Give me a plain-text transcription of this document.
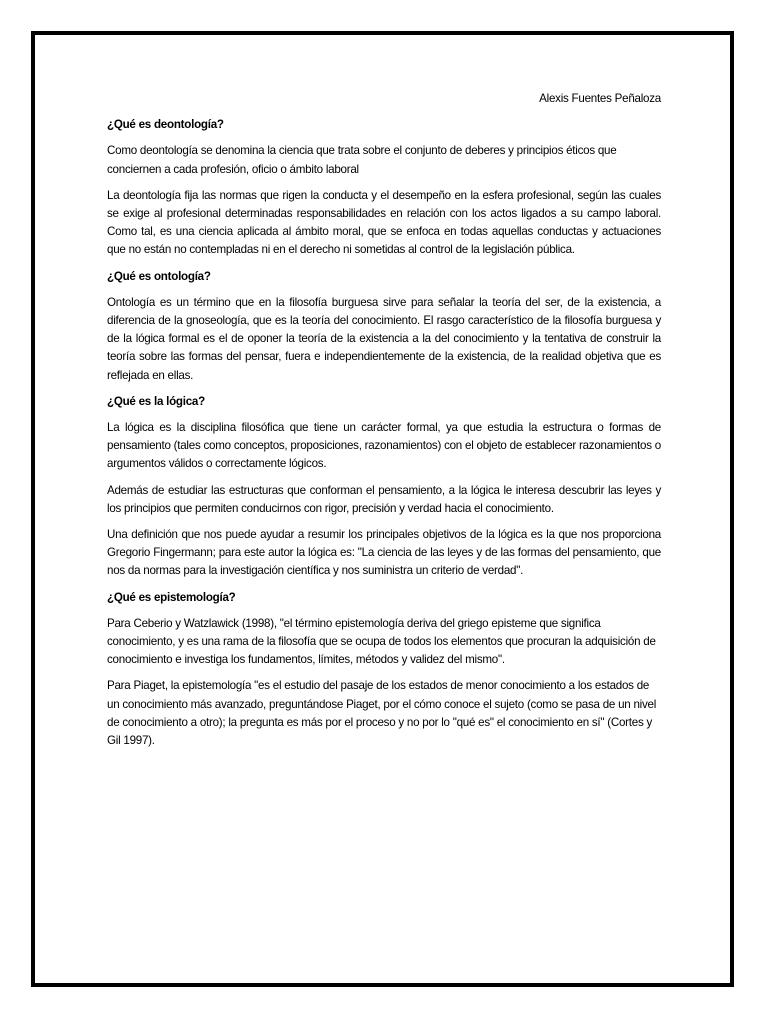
Alexis Fuentes Peñaloza

¿Qué es deontología?

Como deontología se denomina la ciencia que trata sobre el conjunto de deberes y principios éticos que conciernen a cada profesión, oficio o ámbito laboral

La deontología fija las normas que rigen la conducta y el desempeño en la esfera profesional, según las cuales se exige al profesional determinadas responsabilidades en relación con los actos ligados a su campo laboral. Como tal, es una ciencia aplicada al ámbito moral, que se enfoca en todas aquellas conductas y actuaciones que no están no contempladas ni en el derecho ni sometidas al control de la legislación pública.

¿Qué es ontología?

Ontología es un término que en la filosofía burguesa sirve para señalar la teoría del ser, de la existencia, a diferencia de la gnoseología, que es la teoría del conocimiento. El rasgo característico de la filosofía burguesa y de la lógica formal es el de oponer la teoría de la existencia a la del conocimiento y la tentativa de construir la teoría sobre las formas del pensar, fuera e independientemente de la existencia, de la realidad objetiva que es reflejada en ellas.

¿Qué es la lógica?

La lógica es la disciplina filosófica que tiene un carácter formal, ya que estudia la estructura o formas de pensamiento (tales como conceptos, proposiciones, razonamientos) con el objeto de establecer razonamientos o argumentos válidos o correctamente lógicos.

Además de estudiar las estructuras que conforman el pensamiento, a la lógica le interesa descubrir las leyes y los principios que permiten conducirnos con rigor, precisión y verdad hacia el conocimiento.

Una definición que nos puede ayudar a resumir los principales objetivos de la lógica es la que nos proporciona Gregorio Fingermann; para este autor la lógica es: "La ciencia de las leyes y de las formas del pensamiento, que nos da normas para la investigación científica y nos suministra un criterio de verdad".

¿Qué es epistemología?

Para Ceberio y Watzlawick (1998), "el término epistemología deriva del griego episteme que significa conocimiento, y es una rama de la filosofía que se ocupa de todos los elementos que procuran la adquisición de conocimiento e investiga los fundamentos, límites, métodos y validez del mismo".

Para Piaget, la epistemología "es el estudio del pasaje de los estados de menor conocimiento a los estados de un conocimiento más avanzado, preguntándose Piaget, por el cómo conoce el sujeto (como se pasa de un nivel de conocimiento a otro); la pregunta es más por el proceso y no por lo "qué es" el conocimiento en sí" (Cortes y Gil 1997).
